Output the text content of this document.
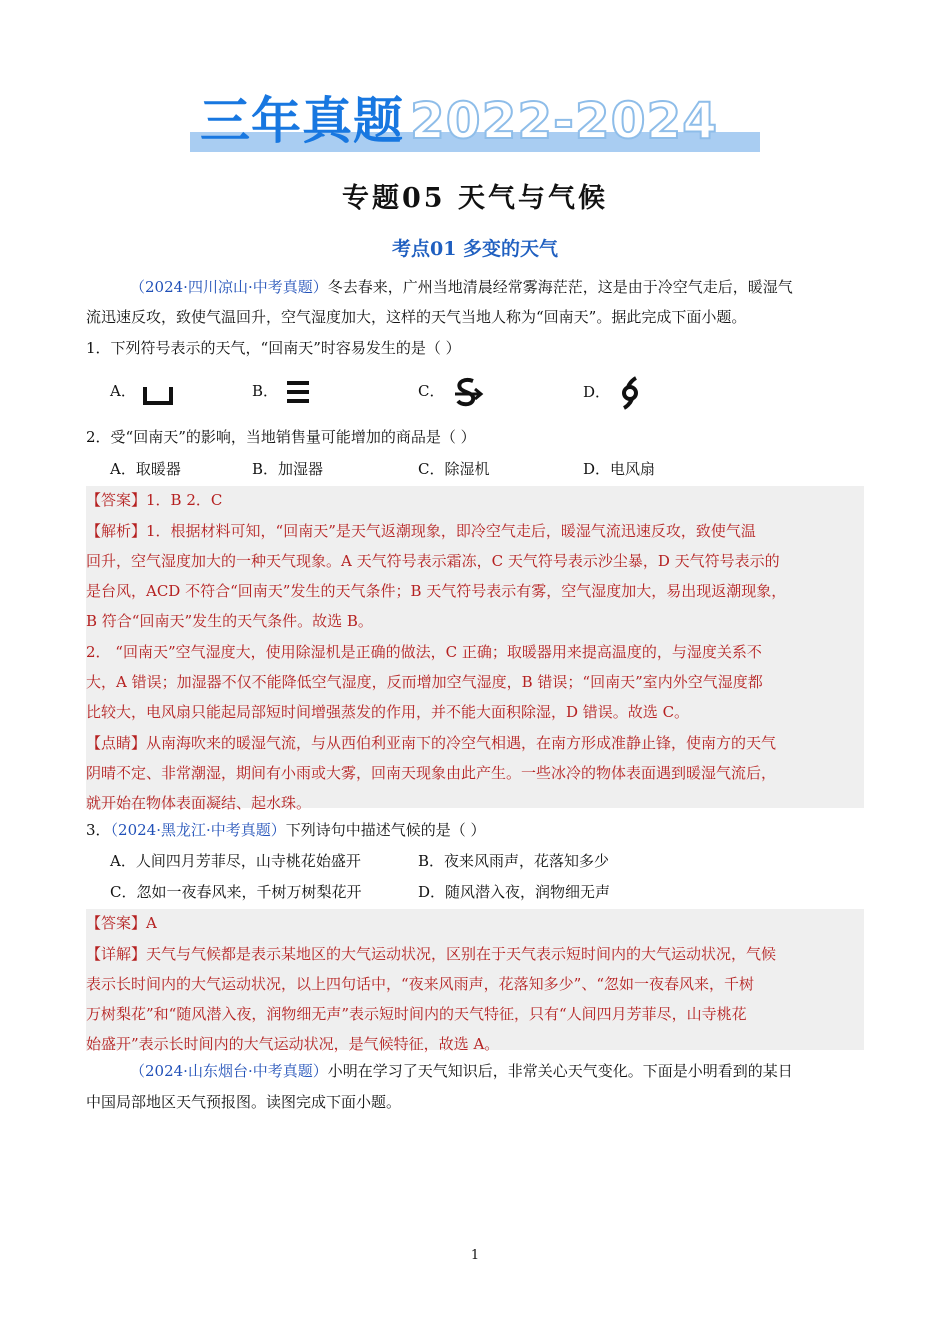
三年真题 2022-2024
专题05 天气与气候
考点01 多变的天气
（2024·四川凉山·中考真题）冬去春来，广州当地清晨经常雾海茫茫，这是由于冷空气走后，暖湿气
流迅速反攻，致使气温回升，空气湿度加大，这样的天气当地人称为“回南天”。据此完成下面小题。
1．下列符号表示的天气，“回南天”时容易发生的是（ ）
A．	B．	C．	D．
2．受“回南天”的影响，当地销售量可能增加的商品是（ ）
A．取暖器	B．加湿器	C．除湿机	D．电风扇
【答案】1．B 2．C
【解析】1．根据材料可知，“回南天”是天气返潮现象，即冷空气走后，暖湿气流迅速反攻，致使气温
回升，空气湿度加大的一种天气现象。A 天气符号表示霜冻，C 天气符号表示沙尘暴，D 天气符号表示的
是台风，ACD 不符合“回南天”发生的天气条件；B 天气符号表示有雾，空气湿度加大，易出现返潮现象，
B 符合“回南天”发生的天气条件。故选 B。
2． “回南天”空气湿度大，使用除湿机是正确的做法，C 正确；取暖器用来提高温度的，与湿度关系不
大，A 错误；加湿器不仅不能降低空气湿度，反而增加空气湿度，B 错误；“回南天”室内外空气湿度都
比较大，电风扇只能起局部短时间增强蒸发的作用，并不能大面积除湿，D 错误。故选 C。
【点睛】从南海吹来的暖湿气流，与从西伯利亚南下的冷空气相遇，在南方形成准静止锋，使南方的天气
阴晴不定、非常潮湿，期间有小雨或大雾，回南天现象由此产生。一些冰冷的物体表面遇到暖湿气流后，
就开始在物体表面凝结、起水珠。
3．（2024·黑龙江·中考真题）下列诗句中描述气候的是（ ）
A．人间四月芳菲尽，山寺桃花始盛开	B．夜来风雨声，花落知多少
C．忽如一夜春风来，千树万树梨花开	D．随风潜入夜，润物细无声
【答案】A
【详解】天气与气候都是表示某地区的大气运动状况，区别在于天气表示短时间内的大气运动状况，气候
表示长时间内的大气运动状况，以上四句话中，“夜来风雨声，花落知多少”、“忽如一夜春风来，千树
万树梨花”和“随风潜入夜，润物细无声”表示短时间内的天气特征，只有“人间四月芳菲尽，山寺桃花
始盛开”表示长时间内的大气运动状况，是气候特征，故选 A。
（2024·山东烟台·中考真题）小明在学习了天气知识后，非常关心天气变化。下面是小明看到的某日
中国局部地区天气预报图。读图完成下面小题。
1
